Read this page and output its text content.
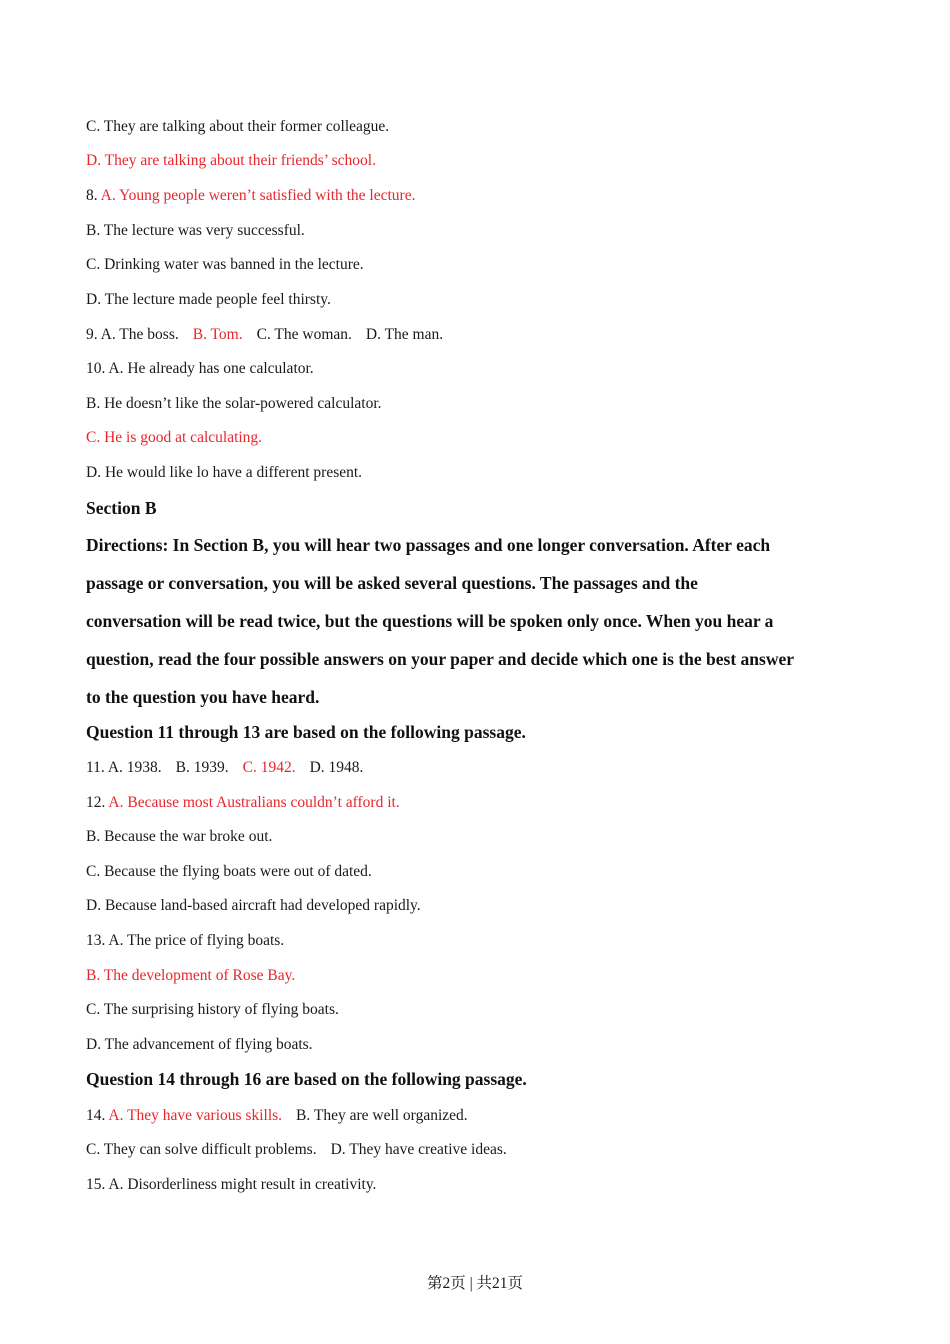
C. They are talking about their former colleague.
D. They are talking about their friends’ school.
8. A. Young people weren’t satisfied with the lecture.
B. The lecture was very successful.
C. Drinking water was banned in the lecture.
D. The lecture made people feel thirsty.
9. A. The boss. B. Tom. C. The woman. D. The man.
10. A. He already has one calculator.
B. He doesn’t like the solar-powered calculator.
C. He is good at calculating.
D. He would like lo have a different present.
Section B
Directions: In Section B, you will hear two passages and one longer conversation. After each
passage or conversation, you will be asked several questions. The passages and the
conversation will be read twice, but the questions will be spoken only once. When you hear a
question, read the four possible answers on your paper and decide which one is the best answer
to the question you have heard.
Question 11 through 13 are based on the following passage.
11. A. 1938. B. 1939. C. 1942. D. 1948.
12. A. Because most Australians couldn’t afford it.
B. Because the war broke out.
C. Because the flying boats were out of dated.
D. Because land-based aircraft had developed rapidly.
13. A. The price of flying boats.
B. The development of Rose Bay.
C. The surprising history of flying boats.
D. The advancement of flying boats.
Question 14 through 16 are based on the following passage.
14. A. They have various skills. B. They are well organized.
C. They can solve difficult problems. D. They have creative ideas.
15. A. Disorderliness might result in creativity.
第2页 | 共21页
